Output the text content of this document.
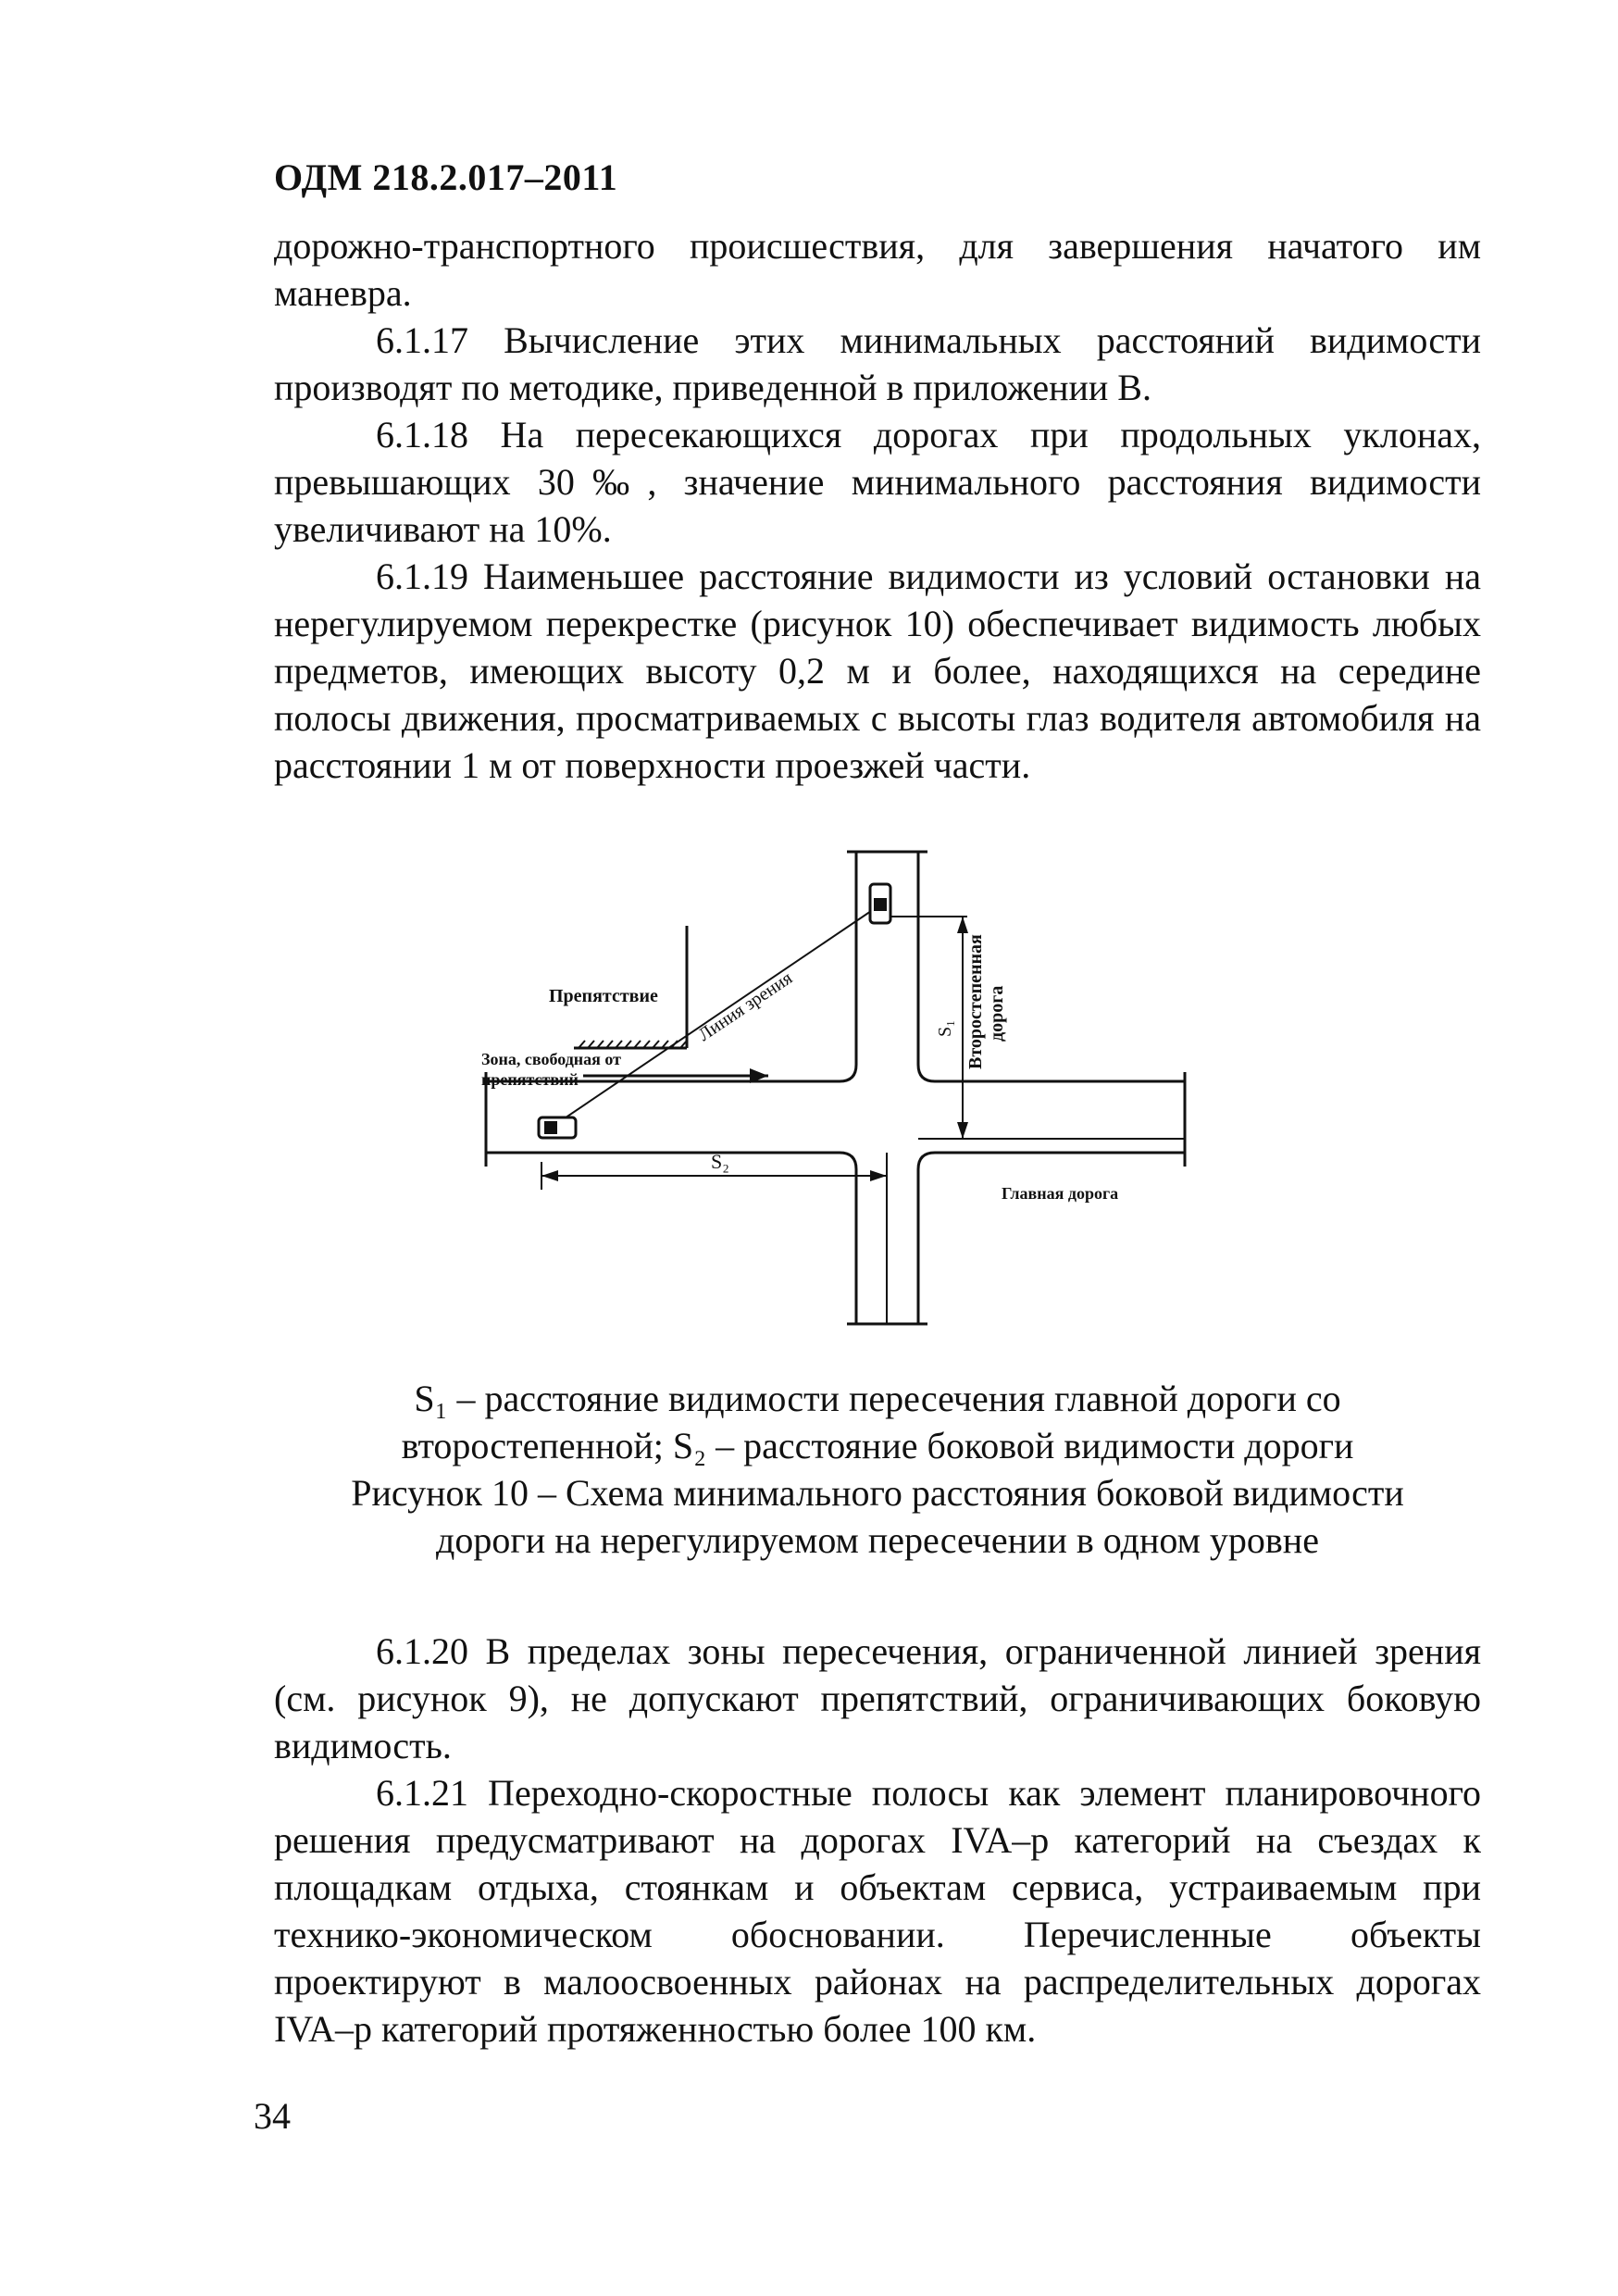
ОДМ 218.2.017–2011

дорожно-транспортного происшествия, для завершения начатого им маневра.

6.1.17 Вычисление этих минимальных расстояний видимости производят по методике, приведенной в приложении В.

6.1.18 На пересекающихся дорогах при продольных уклонах, превышающих 30‰, значение минимального расстояния видимости увеличивают на 10%.

6.1.19 Наименьшее расстояние видимости из условий остановки на нерегулируемом перекрестке (рисунок 10) обеспечивает видимость любых предметов, имеющих высоту 0,2 м и более, находящихся на середине полосы движения, просматриваемых с высоты глаз водителя автомобиля на расстоянии 1 м от поверхности проезжей части.

Препятствие
Зона, свободная от
препятствий
Линия зрения	Второстепенная дорога
Главная дорога
S₁
S₂

S₁ – расстояние видимости пересечения главной дороги со

второстепенной; S₂ – расстояние боковой видимости дороги

Рисунок 10 – Схема минимального расстояния боковой видимости

дороги на нерегулируемом пересечении в одном уровне

6.1.20 В пределах зоны пересечения, ограниченной линией зрения (см. рисунок 9), не допускают препятствий, ограничивающих боковую видимость.

6.1.21 Переходно-скоростные полосы как элемент планировочного решения предусматривают на дорогах IVA–р категорий на съездах к площадкам отдыха, стоянкам и объектам сервиса, устраиваемым при технико-экономическом обосновании. Перечисленные объекты проектируют в малоосвоенных районах на распределительных дорогах IVA–р категорий протяженностью более 100 км.

34
